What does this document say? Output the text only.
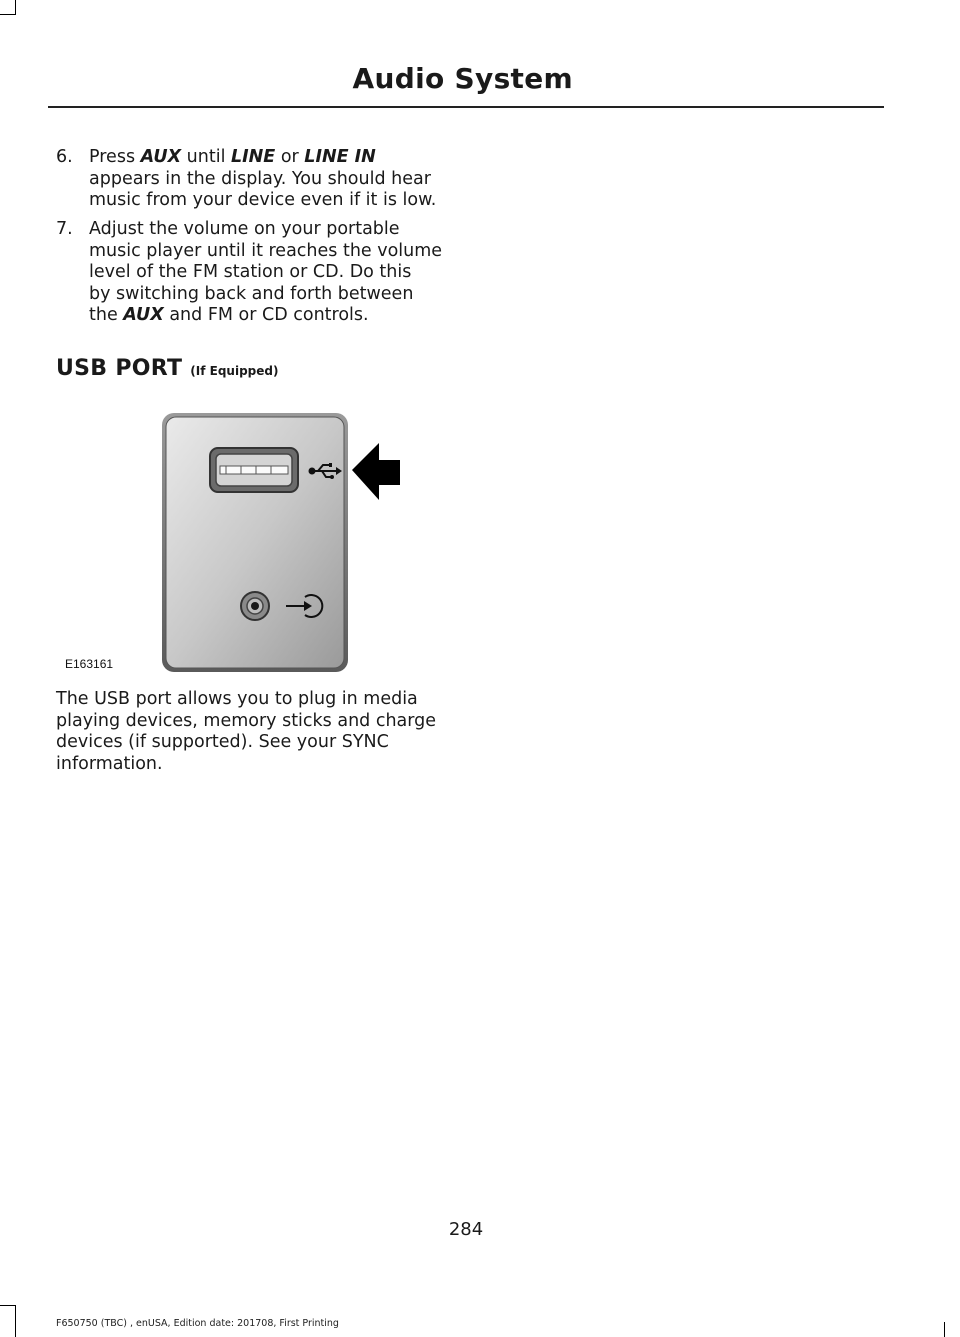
Audio System
6. Press AUX until LINE or LINE IN
appears in the display. You should hear
music from your device even if it is low.
7. Adjust the volume on your portable
music player until it reaches the volume
level of the FM station or CD. Do this
by switching back and forth between
the AUX and FM or CD controls.
USB PORT (If Equipped)
E163161
The USB port allows you to plug in media
playing devices, memory sticks and charge
devices (if supported). See your SYNC
information.
284
F650750 (TBC) , enUSA, Edition date: 201708, First Printing
